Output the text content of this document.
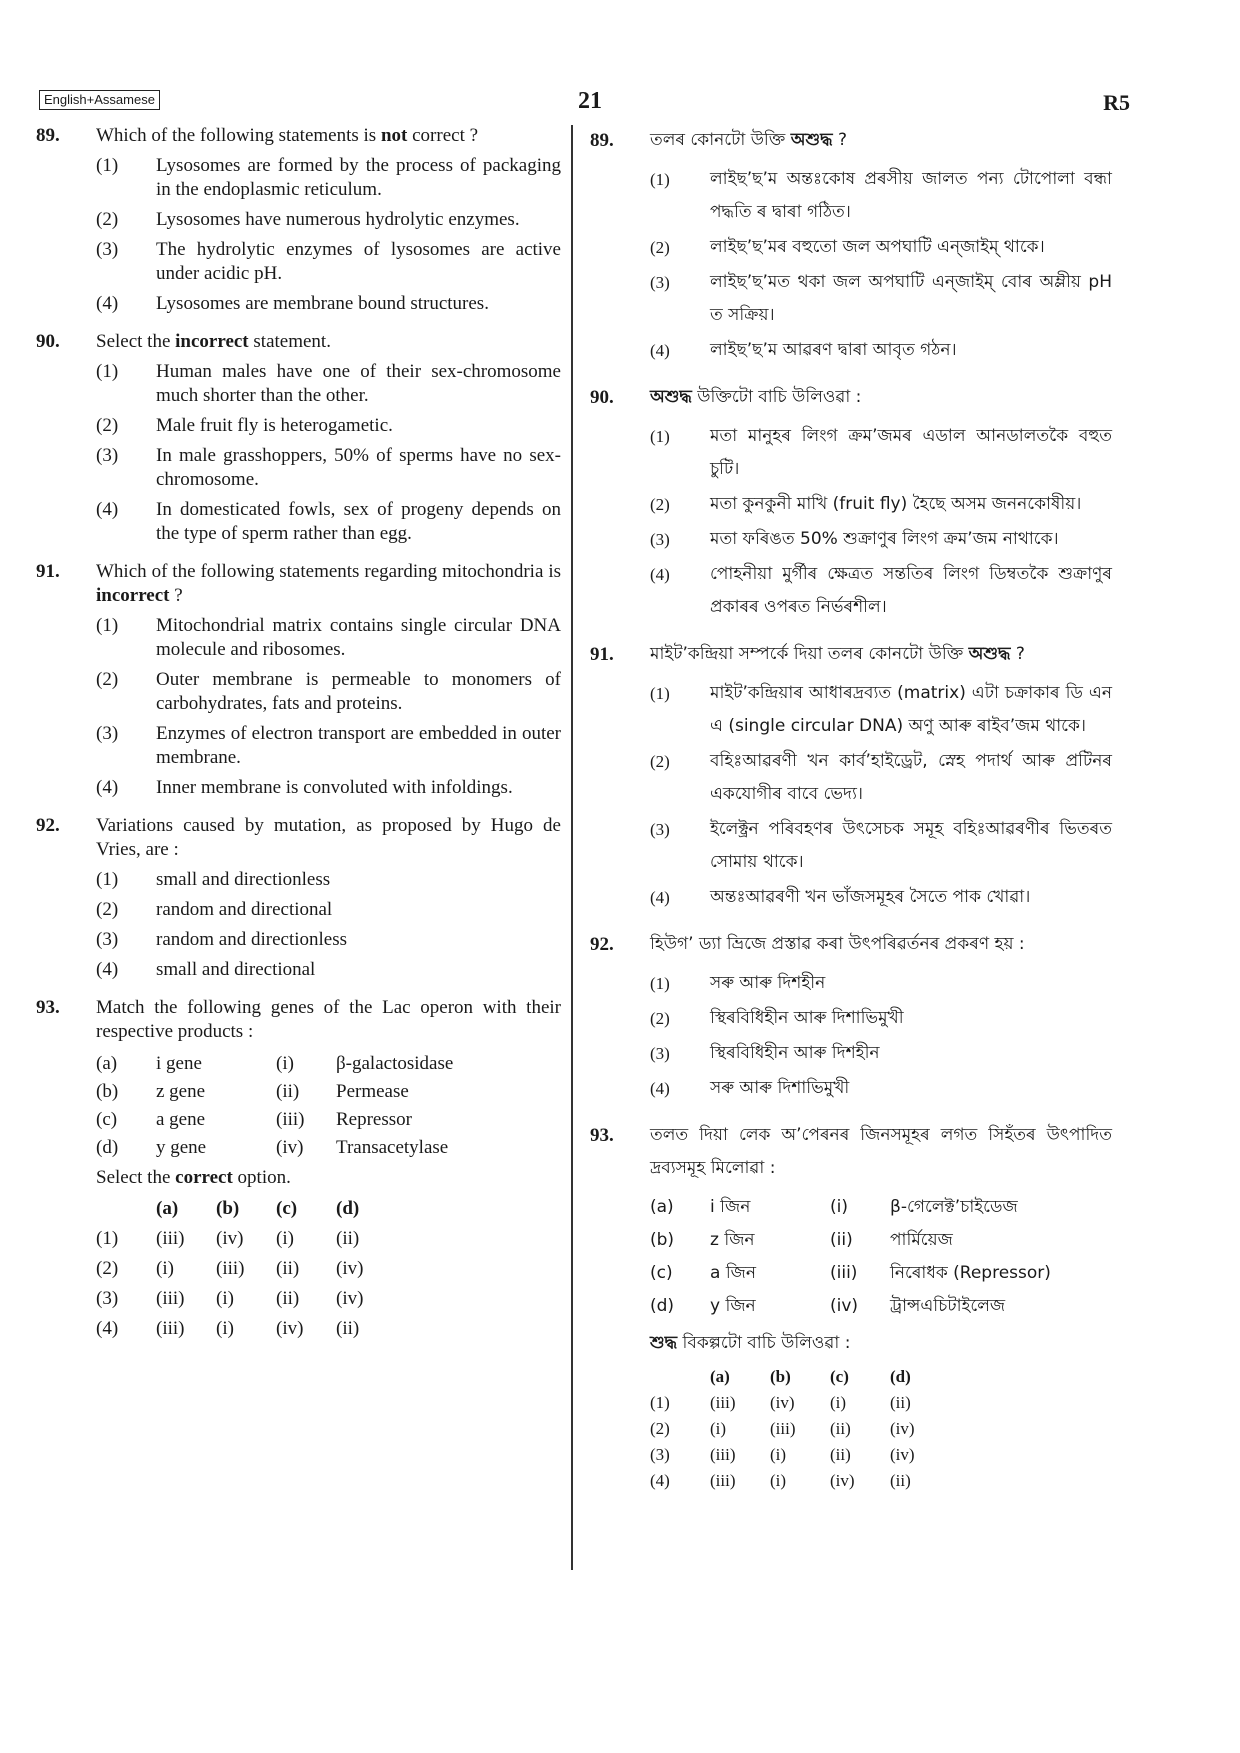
English+Assamese	21	R5
89. Which of the following statements is not correct ?
(1) Lysosomes are formed by the process of packaging in the endoplasmic reticulum.
(2) Lysosomes have numerous hydrolytic enzymes.
(3) The hydrolytic enzymes of lysosomes are active under acidic pH.
(4) Lysosomes are membrane bound structures.
90. Select the incorrect statement.
(1) Human males have one of their sex-chromosome much shorter than the other.
(2) Male fruit fly is heterogametic.
(3) In male grasshoppers, 50% of sperms have no sex-chromosome.
(4) In domesticated fowls, sex of progeny depends on the type of sperm rather than egg.
91. Which of the following statements regarding mitochondria is incorrect ?
(1) Mitochondrial matrix contains single circular DNA molecule and ribosomes.
(2) Outer membrane is permeable to monomers of carbohydrates, fats and proteins.
(3) Enzymes of electron transport are embedded in outer membrane.
(4) Inner membrane is convoluted with infoldings.
92. Variations caused by mutation, as proposed by Hugo de Vries, are :
(1) small and directionless
(2) random and directional
(3) random and directionless
(4) small and directional
93. Match the following genes of the Lac operon with their respective products :
(a)	i gene	(i)	β-galactosidase
(b)	z gene	(ii)	Permease
(c)	a gene	(iii)	Repressor
(d)	y gene	(iv)	Transacetylase
Select the correct option.
	(a)	(b)	(c)	(d)
(1)	(iii)	(iv)	(i)	(ii)
(2)	(i)	(iii)	(ii)	(iv)
(3)	(iii)	(i)	(ii)	(iv)
(4)	(iii)	(i)	(iv)	(ii)
89. তলৰ কোনটো উক্তি অশুদ্ধ ?
(1) লাইছ’ছ’ম অন্তঃকোষ প্ৰৰসীয় জালত পন্য টোপোলা বন্ধা পদ্ধতি ৰ দ্বাৰা গঠিত।
(2) লাইছ’ছ’মৰ বহুতো জল অপঘাটি এন্জাইম্ থাকে।
(3) লাইছ’ছ’মত থকা জল অপঘাটি এন্জাইম্ বোৰ অম্লীয় pH ত সক্ৰিয়।
(4) লাইছ’ছ’ম আৱৰণ দ্বাৰা আবৃত গঠন।
90. অশুদ্ধ উক্তিটো বাচি উলিওৱা :
(1) মতা মানুহৰ লিংগ ক্ৰম’জমৰ এডাল আনডালতকৈ বহুত চুটি।
(2) মতা কুনকুনী মাখি (fruit fly) হৈছে অসম জননকোষীয়।
(3) মতা ফৰিঙত 50% শুক্ৰাণুৰ লিংগ ক্ৰম’জম নাথাকে।
(4) পোহনীয়া মুৰ্গীৰ ক্ষেত্ৰত সন্ততিৰ লিংগ ডিম্বতকৈ শুক্ৰাণুৰ প্ৰকাৰৰ ওপৰত নিৰ্ভৰশীল।
91. মাইট’কন্দ্ৰিয়া সম্পৰ্কে দিয়া তলৰ কোনটো উক্তি অশুদ্ধ ?
(1) মাইট’কন্দ্ৰিয়াৰ আধাৰদ্ৰব্যত (matrix) এটা চক্ৰাকাৰ ডি এন এ (single circular DNA) অণু আৰু ৰাইব’জম থাকে।
(2) বহিঃআৱৰণী খন কাৰ্ব’হাইড্ৰেট, স্নেহ পদাৰ্থ আৰু প্ৰটিনৰ একযোগীৰ বাবে ভেদ্য।
(3) ইলেক্ট্ৰন পৰিবহণৰ উৎসেচক সমূহ বহিঃআৱৰণীৰ ভিতৰত সোমায় থাকে।
(4) অন্তঃআৱৰণী খন ভাঁজসমূহৰ সৈতে পাক খোৱা।
92. হিউগ’ ড্যা ভ্ৰিজে প্ৰস্তাৱ কৰা উৎপৰিৱৰ্তনৰ প্ৰকৰণ হয় :
(1) সৰু আৰু দিশহীন
(2) স্থিৰবিধিহীন আৰু দিশাভিমুখী
(3) স্থিৰবিধিহীন আৰু দিশহীন
(4) সৰু আৰু দিশাভিমুখী
93. তলত দিয়া লেক অ’পেৰনৰ জিনসমূহৰ লগত সিহঁতৰ উৎপাদিত দ্ৰব্যসমূহ মিলোৱা :
(a)	i জিন	(i)	β-গেলেক্ট’চাইডেজ
(b)	z জিন	(ii)	পাৰ্মিয়েজ
(c)	a জিন	(iii)	নিৰোধক (Repressor)
(d)	y জিন	(iv)	ট্ৰান্সএচিটাইলেজ
শুদ্ধ বিকল্পটো বাচি উলিওৱা :
	(a)	(b)	(c)	(d)
(1)	(iii)	(iv)	(i)	(ii)
(2)	(i)	(iii)	(ii)	(iv)
(3)	(iii)	(i)	(ii)	(iv)
(4)	(iii)	(i)	(iv)	(ii)
